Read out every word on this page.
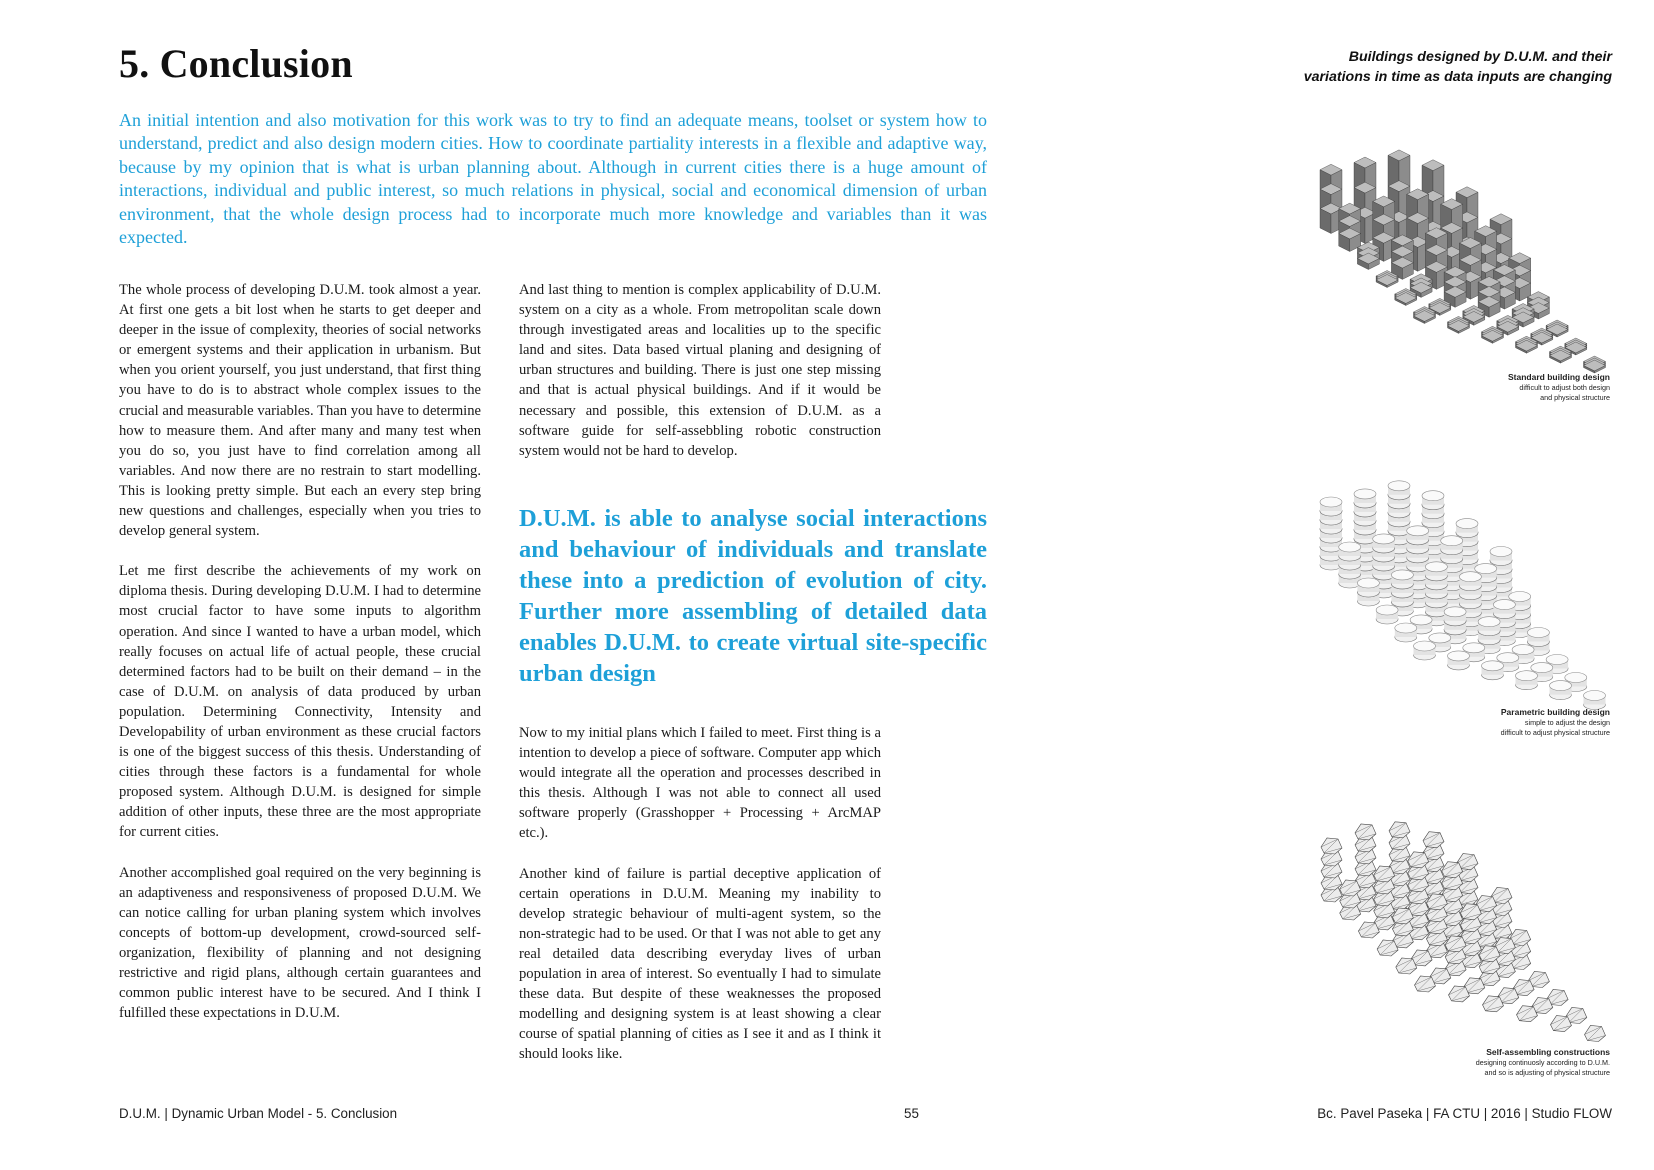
5. Conclusion

An initial intention and also motivation for this work was to try to find an adequate means, toolset or system how to understand, predict and also design modern cities. How to coordinate partiality interests in a flexible and adaptive way, because by my opinion that is what is urban planning about. Although in current cities there is a huge amount of interactions, individual and public interest, so much relations in physical, social and economical dimension of urban environment, that the whole design process had to incorporate much more knowledge and variables than it was expected.

The whole process of developing D.U.M. took almost a year. At first one gets a bit lost when he starts to get deeper and deeper in the issue of complexity, theories of social networks or emergent systems and their application in urbanism. But when you orient yourself, you just understand, that first thing you have to do is to abstract whole complex issues to the crucial and measurable variables. Than you have to determine how to measure them. And after many and many test when you do so, you just have to find correlation among all variables. And now there are no restrain to start modelling. This is looking pretty simple. But each an every step bring new questions and challenges, especially when you tries to develop general system.

Let me first describe the achievements of my work on diploma thesis. During developing D.U.M. I had to determine most crucial factor to have some inputs to algorithm operation. And since I wanted to have a urban model, which really focuses on actual life of actual people, these crucial determined factors had to be built on their demand – in the case of D.U.M. on analysis of data produced by urban population. Determining Connectivity, Intensity and Developability of urban environment as these crucial factors is one of the biggest success of this thesis. Understanding of cities through these factors is a fundamental for whole proposed system. Although D.U.M. is designed for simple addition of other inputs, these three are the most appropriate for current cities.

Another accomplished goal required on the very beginning is an adaptiveness and responsiveness of proposed D.U.M. We can notice calling for urban planing system which involves concepts of bottom-up development, crowd-sourced self-organization, flexibility of planning and not designing restrictive and rigid plans, although certain guarantees and common public interest have to be secured. And I think I fulfilled these expectations in D.U.M.

And last thing to mention is complex applicability of D.U.M. system on a city as a whole. From metropolitan scale down through investigated areas and localities up to the specific land and sites. Data based virtual planing and designing of urban structures and building. There is just one step missing and that is actual physical buildings. And if it would be necessary and possible, this extension of D.U.M. as a software guide for self-assebbling robotic construction system would not be hard to develop.

D.U.M. is able to analyse social interactions and behaviour of individuals and translate these into a prediction of evolution of city. Further more assembling of detailed data enables D.U.M. to create virtual site-specific urban design

Now to my initial plans which I failed to meet. First thing is a intention to develop a piece of software. Computer app which would integrate all the operation and processes described in this thesis. Although I was not able to connect all used software properly (Grasshopper + Processing + ArcMAP etc.).

Another kind of failure is partial deceptive application of certain operations in D.U.M. Meaning my inability to develop strategic behaviour of multi-agent system, so the non-strategic had to be used. Or that I was not able to get any real detailed data describing everyday lives of urban population in area of interest. So eventually I had to simulate these data. But despite of these weaknesses the proposed modelling and designing system is at least showing a clear course of spatial planning of cities as I see it and as I think it should looks like.

Buildings designed by D.U.M. and their variations in time as data inputs are changing
Standard building design
difficult to adjust both design
and physical structure
Parametric building design
simple to adjust the design
difficult to adjust physical structure
Self-assembling constructions
designing continuosly according to D.U.M.
and so is adjusting of physical structure
D.U.M. | Dynamic Urban Model - 5. Conclusion	55	Bc. Pavel Paseka | FA CTU | 2016 | Studio FLOW
